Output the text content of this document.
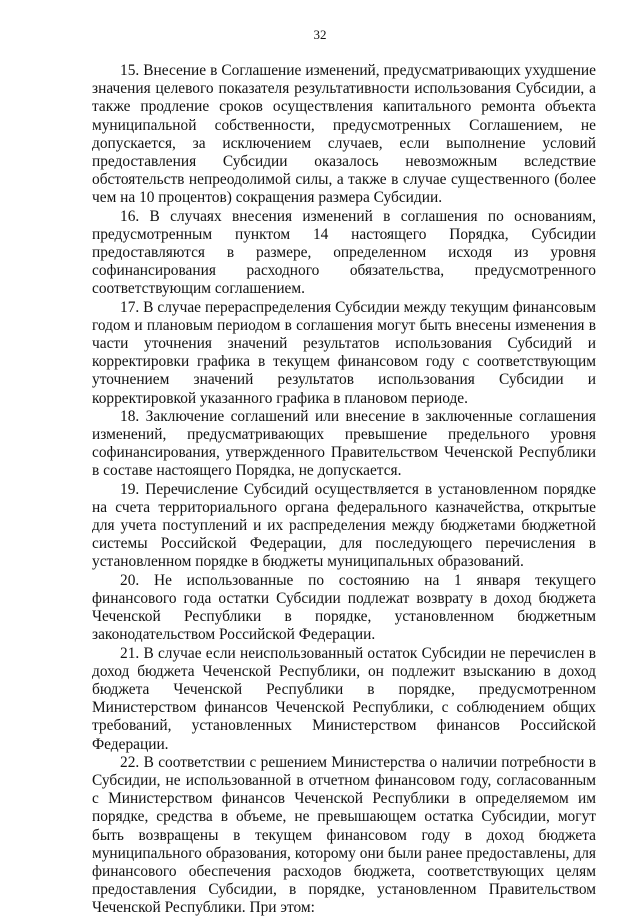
32

15. Внесение в Соглашение изменений, предусматривающих ухудшение значения целевого показателя результативности использования Субсидии, а также продление сроков осуществления капитального ремонта объекта муниципальной собственности, предусмотренных Соглашением, не допускается, за исключением случаев, если выполнение условий предоставления Субсидии оказалось невозможным вследствие обстоятельств непреодолимой силы, а также в случае существенного (более чем на 10 процентов) сокращения размера Субсидии.

16. В случаях внесения изменений в соглашения по основаниям, предусмотренным пунктом 14 настоящего Порядка, Субсидии предоставляются в размере, определенном исходя из уровня софинансирования расходного обязательства, предусмотренного соответствующим соглашением.

17. В случае перераспределения Субсидии между текущим финансовым годом и плановым периодом в соглашения могут быть внесены изменения в части уточнения значений результатов использования Субсидий и корректировки графика в текущем финансовом году с соответствующим уточнением значений результатов использования Субсидии и корректировкой указанного графика в плановом периоде.

18. Заключение соглашений или внесение в заключенные соглашения изменений, предусматривающих превышение предельного уровня софинансирования, утвержденного Правительством Чеченской Республики в составе настоящего Порядка, не допускается.

19. Перечисление Субсидий осуществляется в установленном порядке на счета территориального органа федерального казначейства, открытые для учета поступлений и их распределения между бюджетами бюджетной системы Российской Федерации, для последующего перечисления в установленном порядке в бюджеты муниципальных образований.

20. Не использованные по состоянию на 1 января текущего финансового года остатки Субсидии подлежат возврату в доход бюджета Чеченской Республики в порядке, установленном бюджетным законодательством Российской Федерации.

21. В случае если неиспользованный остаток Субсидии не перечислен в доход бюджета Чеченской Республики, он подлежит взысканию в доход бюджета Чеченской Республики в порядке, предусмотренном Министерством финансов Чеченской Республики, с соблюдением общих требований, установленных Министерством финансов Российской Федерации.

22. В соответствии с решением Министерства о наличии потребности в Субсидии, не использованной в отчетном финансовом году, согласованным с Министерством финансов Чеченской Республики в определяемом им порядке, средства в объеме, не превышающем остатка Субсидии, могут быть возвращены в текущем финансовом году в доход бюджета муниципального образования, которому они были ранее предоставлены, для финансового обеспечения расходов бюджета, соответствующих целям предоставления Субсидии, в порядке, установленном Правительством Чеченской Республики. При этом:
